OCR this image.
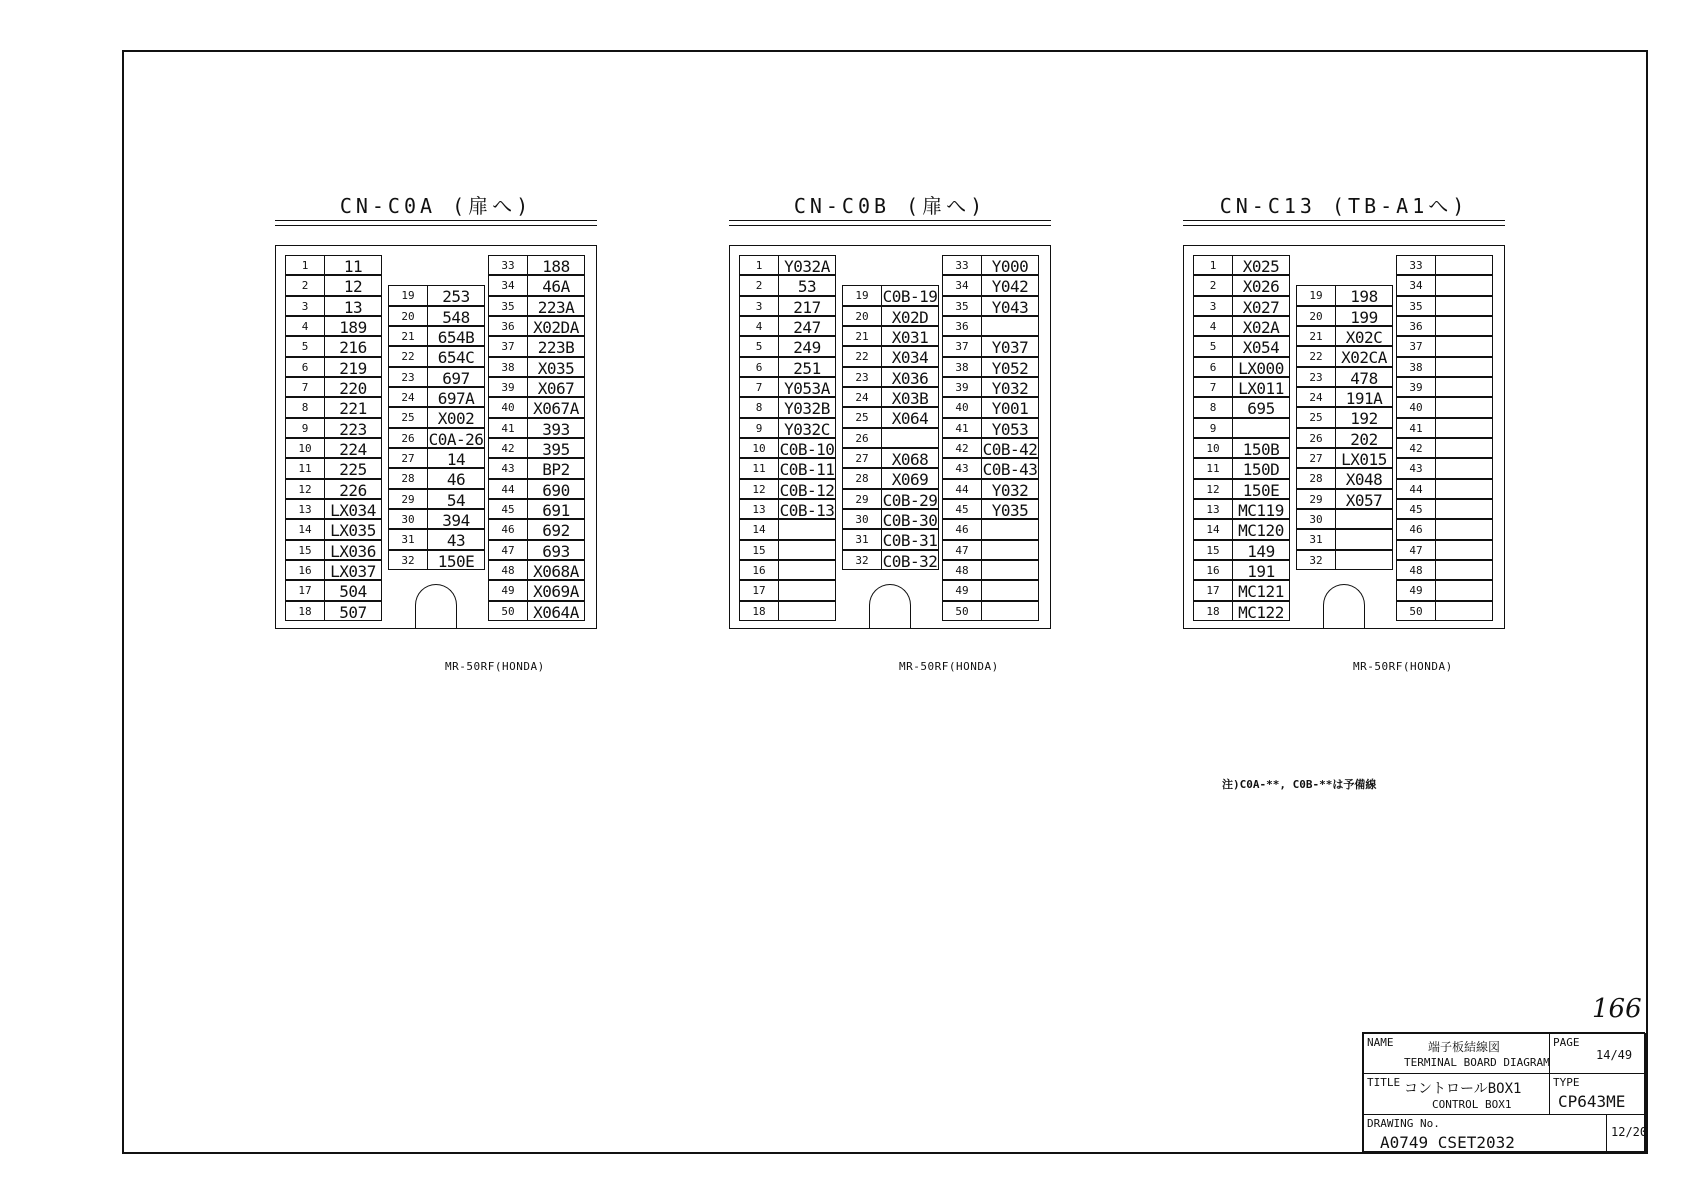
CN-C0A (扉へ)
1	11
2	12
3	13
4	189
5	216
6	219
7	220
8	221
9	223
10	224
11	225
12	226
13	LX034
14	LX035
15	LX036
16	LX037
17	504
18	507
19	253
20	548
21	654B
22	654C
23	697
24	697A
25	X002
26 C0A-26
27	14
28	46
29	54
30	394
31	43
32	150E
33	188
34	46A
35	223A
36	X02DA
37	223B
38	X035
39	X067
40	X067A
41	393
42	395
43	BP2
44	690
45	691
46	692
47	693
48	X068A
49	X069A
50	X064A
MR-50RF(HONDA)
CN-C0B (扉へ)
1	Y032A
2	53
3	217
4	247
5	249
6	251
7	Y053A
8	Y032B
9	Y032C
10 C0B-10
11 C0B-11
12 C0B-12
13 C0B-13
14
15
16
17
18
19 C0B-19
20	X02D
21	X031
22	X034
23	X036
24	X03B
25	X064
26
27	X068
28	X069
29 C0B-29
30 C0B-30
31 C0B-31
32 C0B-32
33	Y000
34	Y042
35	Y043
36
37	Y037
38	Y052
39	Y032
40	Y001
41	Y053
42 C0B-42
43 C0B-43
44	Y032
45	Y035
46
47
48
49
50
MR-50RF(HONDA)
CN-C13 (TB-A1へ)
1	X025
2	X026
3	X027
4	X02A
5	X054
6	LX000
7	LX011
8	695
9
10	150B
11	150D
12	150E
13	MC119
14	MC120
15	149
16	191
17	MC121
18	MC122
19	198
20	199
21	X02C
22	X02CA
23	478
24	191A
25	192
26	202
27	LX015
28	X048
29	X057
30
31
32
33
34
35
36
37
38
39
40
41
42
43
44
45
46
47
48
49
50
MR-50RF(HONDA)
注)C0A-**, C0B-**は予備線
166
NAME	端子板結線図
TERMINAL BOARD DIAGRAM
PAGE
14/49
TITLE コントロールBOX1
CONTROL BOX1
TYPE
CP643ME
DRAWING No.
A0749 CSET2032
12/20
